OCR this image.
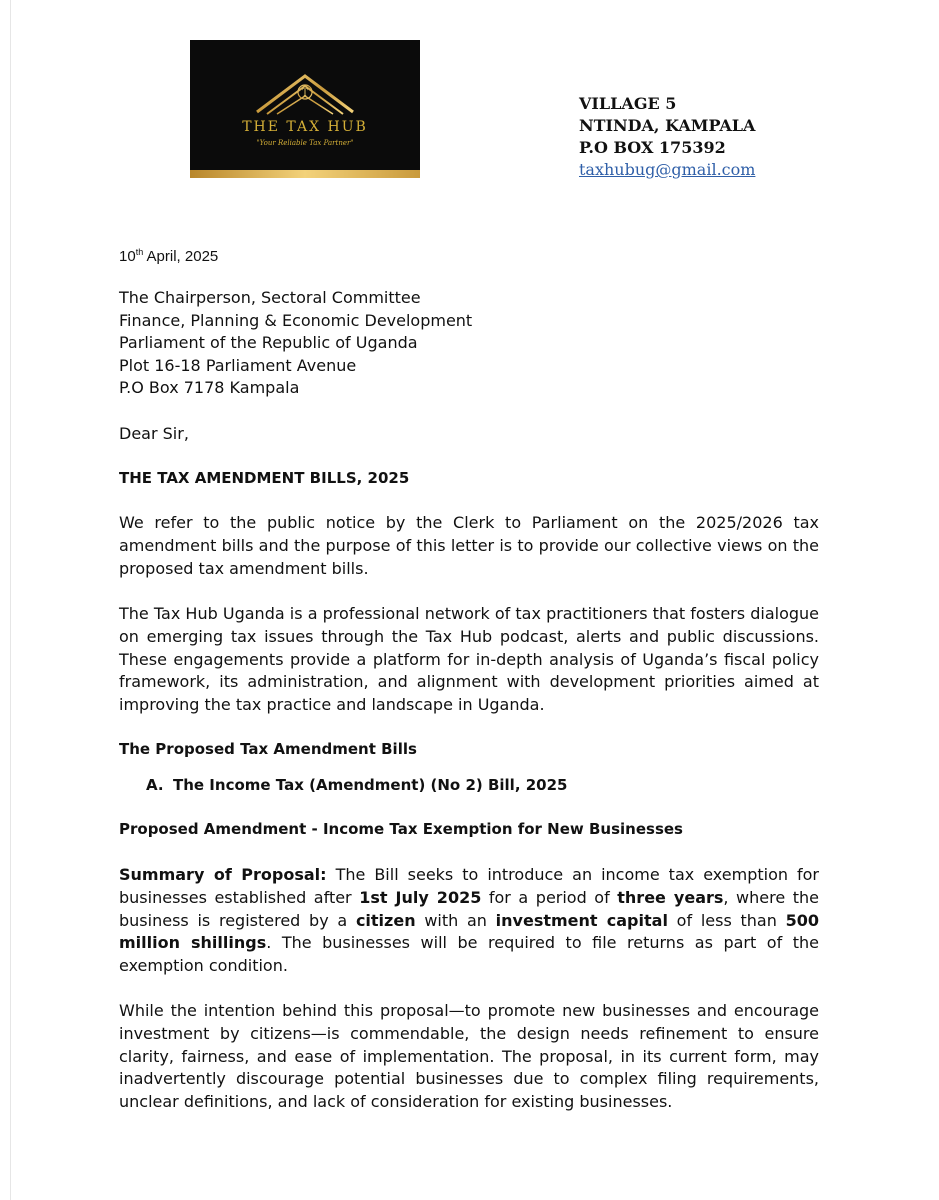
T

THE TAX HUB

"Your Reliable Tax Partner"

VILLAGE 5
NTINDA, KAMPALA
P.O BOX 175392
taxhubug@gmail.com
10th April, 2025
The Chairperson, Sectoral Committee
Finance, Planning & Economic Development
Parliament of the Republic of Uganda
Plot 16-18 Parliament Avenue
P.O Box 7178 Kampala
Dear Sir,

THE TAX AMENDMENT BILLS, 2025

We refer to the public notice by the Clerk to Parliament on the 2025/2026 tax amendment bills and the purpose of this letter is to provide our collective views on the proposed tax amendment bills.

The Tax Hub Uganda is a professional network of tax practitioners that fosters dialogue on emerging tax issues through the Tax Hub podcast, alerts and public discussions. These engagements provide a platform for in-depth analysis of Uganda’s fiscal policy framework, its administration, and alignment with development priorities aimed at improving the tax practice and landscape in Uganda.

The Proposed Tax Amendment Bills

A. The Income Tax (Amendment) (No 2) Bill, 2025

Proposed Amendment - Income Tax Exemption for New Businesses

Summary of Proposal: The Bill seeks to introduce an income tax exemption for businesses established after 1st July 2025 for a period of three years, where the business is registered by a citizen with an investment capital of less than 500 million shillings. The businesses will be required to file returns as part of the exemption condition.

While the intention behind this proposal—to promote new businesses and encourage investment by citizens—is commendable, the design needs refinement to ensure clarity, fairness, and ease of implementation. The proposal, in its current form, may inadvertently discourage potential businesses due to complex filing requirements, unclear definitions, and lack of consideration for existing businesses.
